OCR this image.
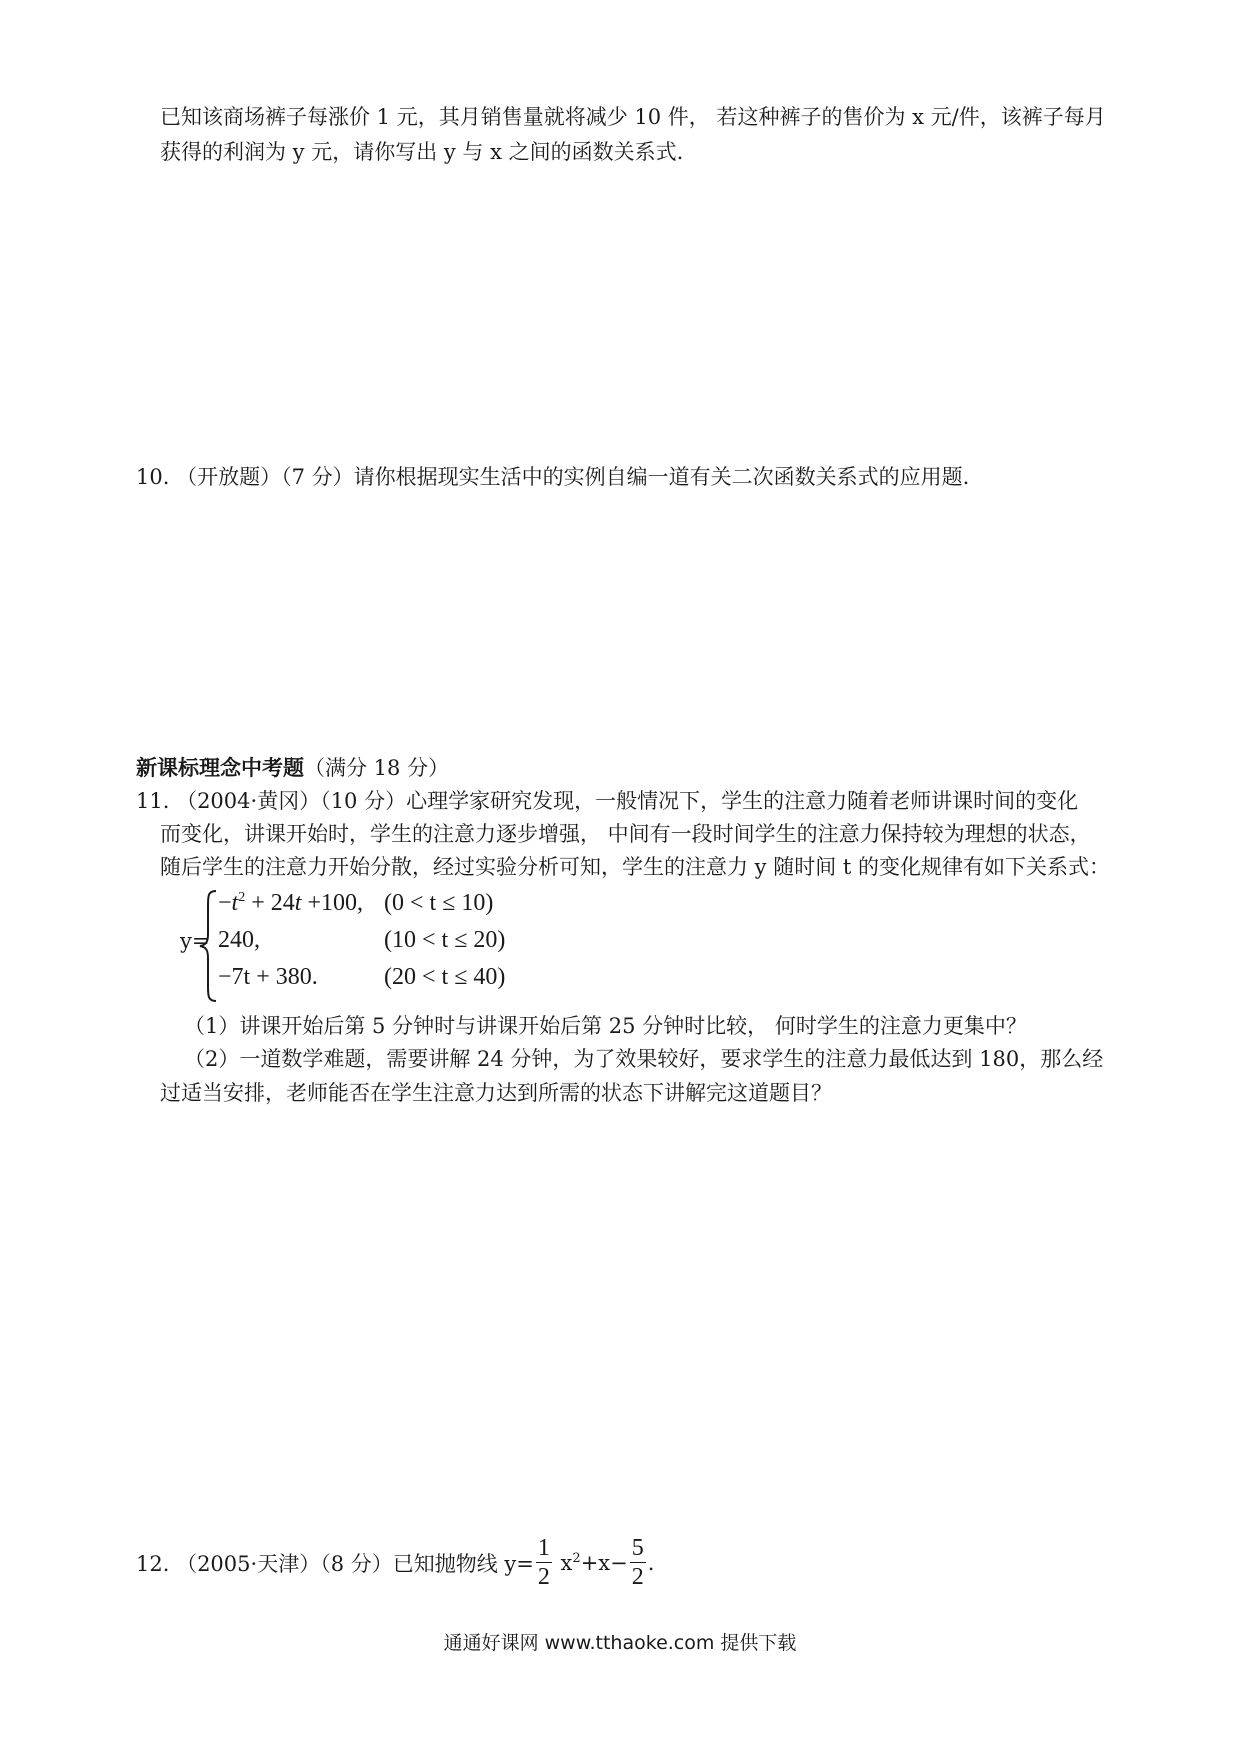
已知该商场裤子每涨价 1 元，其月销售量就将减少 10 件， 若这种裤子的售价为 x 元/件，该裤子每月

获得的利润为 y 元，请你写出 y 与 x 之间的函数关系式.

10. （开放题）（7 分）请你根据现实生活中的实例自编一道有关二次函数关系式的应用题.

新课标理念中考题（满分 18 分）

11. （2004·黄冈）（10 分）心理学家研究发现，一般情况下，学生的注意力随着老师讲课时间的变化

而变化，讲课开始时，学生的注意力逐步增强， 中间有一段时间学生的注意力保持较为理想的状态，

随后学生的注意力开始分散，经过实验分析可知，学生的注意力 y 随时间 t 的变化规律有如下关系式：

y=
$-t^2 + 24t +100$, (0 < t ≤ 10)
240,	(10 < t ≤ 20)
−7t + 380.	(20 < t ≤ 40)

（1）讲课开始后第 5 分钟时与讲课开始后第 25 分钟时比较， 何时学生的注意力更集中？

（2）一道数学难题，需要讲解 24 分钟，为了效果较好，要求学生的注意力最低达到 180，那么经

过适当安排，老师能否在学生注意力达到所需的状态下讲解完这道题目？

12. （2005·天津）（8 分）已知抛物线 $y= \frac{1}{2} x^2+x- \frac{5}{2}$ .
通通好课网 www.tthaoke.com 提供下载
